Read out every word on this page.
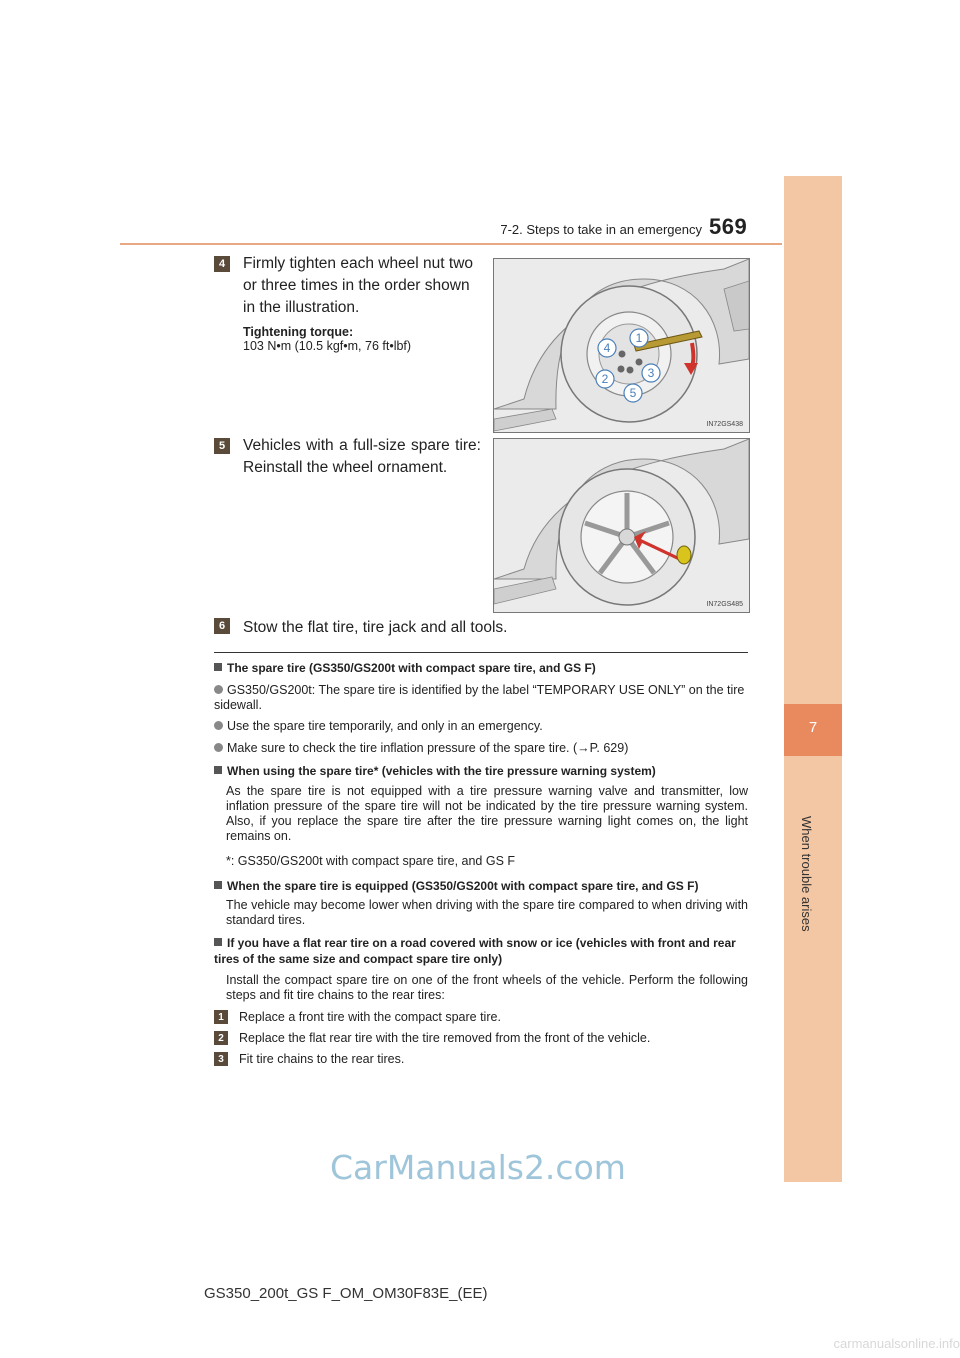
7-2. Steps to take in an emergency 569
7
When trouble arises
4	Firmly tighten each wheel nut two or three times in the order shown in the illustration.
Tightening torque:
103 N•m (10.5 kgf•m, 76 ft•lbf)
1
4
3
2
5
IN72GS438
5	Vehicles with a full-size spare tire: Reinstall the wheel ornament.
IN72GS485
6	Stow the flat tire, tire jack and all tools.
The spare tire (GS350/GS200t with compact spare tire, and GS F)
GS350/GS200t: The spare tire is identified by the label “TEMPORARY USE ONLY” on the tire sidewall.
Use the spare tire temporarily, and only in an emergency.
Make sure to check the tire inflation pressure of the spare tire. (→P. 629)
When using the spare tire* (vehicles with the tire pressure warning system)
As the spare tire is not equipped with a tire pressure warning valve and transmitter, low inflation pressure of the spare tire will not be indicated by the tire pressure warning system. Also, if you replace the spare tire after the tire pressure warning light comes on, the light remains on.
*: GS350/GS200t with compact spare tire, and GS F
When the spare tire is equipped (GS350/GS200t with compact spare tire, and GS F)
The vehicle may become lower when driving with the spare tire compared to when driving with standard tires.
If you have a flat rear tire on a road covered with snow or ice (vehicles with front and rear tires of the same size and compact spare tire only)
Install the compact spare tire on one of the front wheels of the vehicle. Perform the following steps and fit tire chains to the rear tires:
1	Replace a front tire with the compact spare tire.
2	Replace the flat rear tire with the tire removed from the front of the vehicle.
3	Fit tire chains to the rear tires.
CarManuals2.com
GS350_200t_GS F_OM_OM30F83E_(EE)
carmanualsonline.info
